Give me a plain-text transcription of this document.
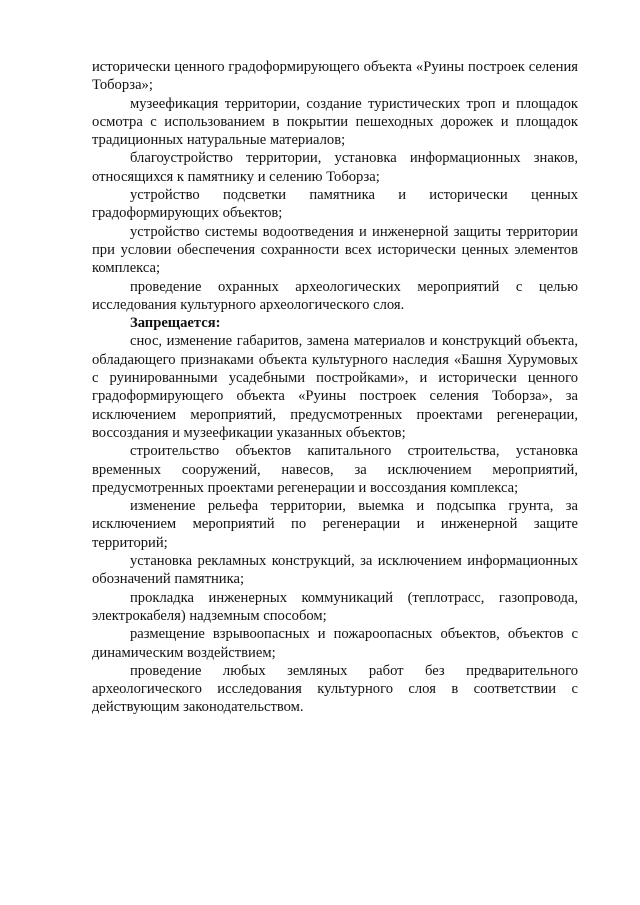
исторически ценного градоформирующего объекта «Руины построек селения Тоборза»;

музеефикация территории, создание туристических троп и площадок осмотра с использованием в покрытии пешеходных дорожек и площадок традиционных натуральные материалов;

благоустройство территории, установка информационных знаков, относящихся к памятнику и селению Тоборза;

устройство подсветки памятника и исторически ценных градоформирующих объектов;

устройство системы водоотведения и инженерной защиты территории при условии обеспечения сохранности всех исторически ценных элементов комплекса;

проведение охранных археологических мероприятий с целью исследования культурного археологического слоя.

Запрещается:

снос, изменение габаритов, замена материалов и конструкций объекта, обладающего признаками объекта культурного наследия «Башня Хурумовых с руинированными усадебными постройками», и исторически ценного градоформирующего объекта «Руины построек селения Тоборза», за исключением мероприятий, предусмотренных проектами регенерации, воссоздания и музеефикации указанных объектов;

строительство объектов капитального строительства, установка временных сооружений, навесов, за исключением мероприятий, предусмотренных проектами регенерации и воссоздания комплекса;

изменение рельефа территории, выемка и подсыпка грунта, за исключением мероприятий по регенерации и инженерной защите территорий;

установка рекламных конструкций, за исключением информационных обозначений памятника;

прокладка инженерных коммуникаций (теплотрасс, газопровода, электрокабеля) надземным способом;

размещение взрывоопасных и пожароопасных объектов, объектов с динамическим воздействием;

проведение любых земляных работ без предварительного археологического исследования культурного слоя в соответствии с действующим законодательством.
